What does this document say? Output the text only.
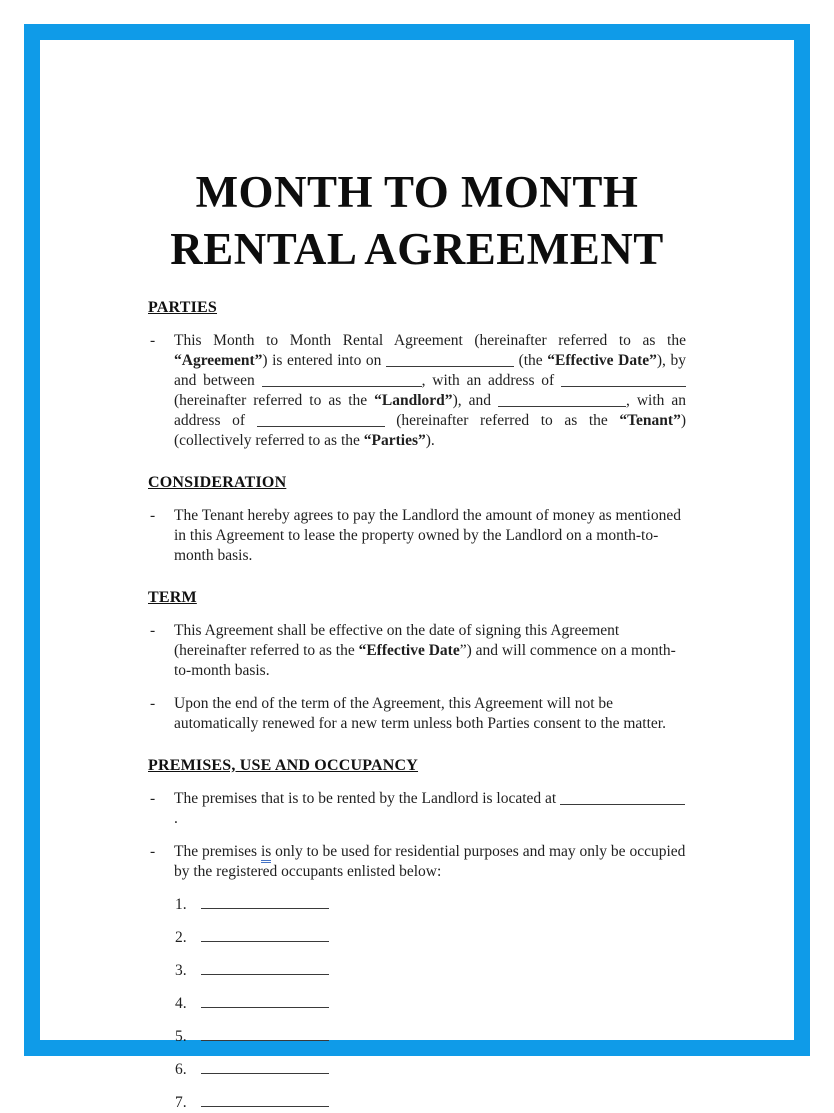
MONTH TO MONTH
RENTAL AGREEMENT
PARTIES
- This Month to Month Rental Agreement (hereinafter referred to as the “Agreement”) is entered into on	(the “Effective Date”), by and between	, with an address of  (hereinafter referred to as the “Landlord”), and	, with an address of	(hereinafter referred to as the “Tenant”) (collectively referred to as the “Parties”).
CONSIDERATION
- The Tenant hereby agrees to pay the Landlord the amount of money as mentioned in this Agreement to lease the property owned by the Landlord on a month-to-month basis.
TERM
- This Agreement shall be effective on the date of signing this Agreement (hereinafter referred to as the “Effective Date”) and will commence on a month-to-month basis.
- Upon the end of the term of the Agreement, this Agreement will not be automatically renewed for a new term unless both Parties consent to the matter.
PREMISES, USE AND OCCUPANCY
- The premises that is to be rented by the Landlord is located at .
- The premises is only to be used for residential purposes and may only be occupied by the registered occupants enlisted below:
1.
2.
3.
4.
5.
6.
7.
